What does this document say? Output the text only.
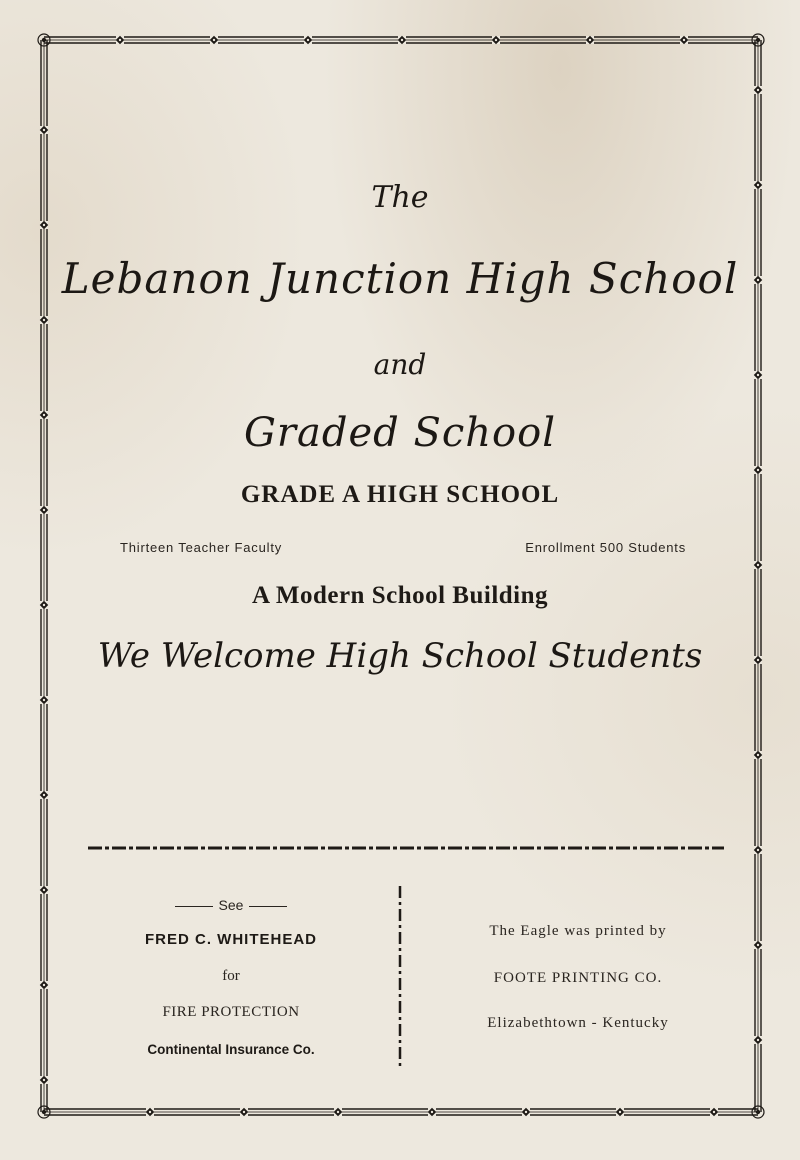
The
Lebanon Junction High School
and
Graded School
GRADE A HIGH SCHOOL
Thirteen Teacher Faculty	Enrollment 500 Students
A Modern School Building
We Welcome High School Students
See
FRED C. WHITEHEAD
for
FIRE PROTECTION
Continental Insurance Co.
The Eagle was printed by
FOOTE PRINTING CO.
Elizabethtown - Kentucky
